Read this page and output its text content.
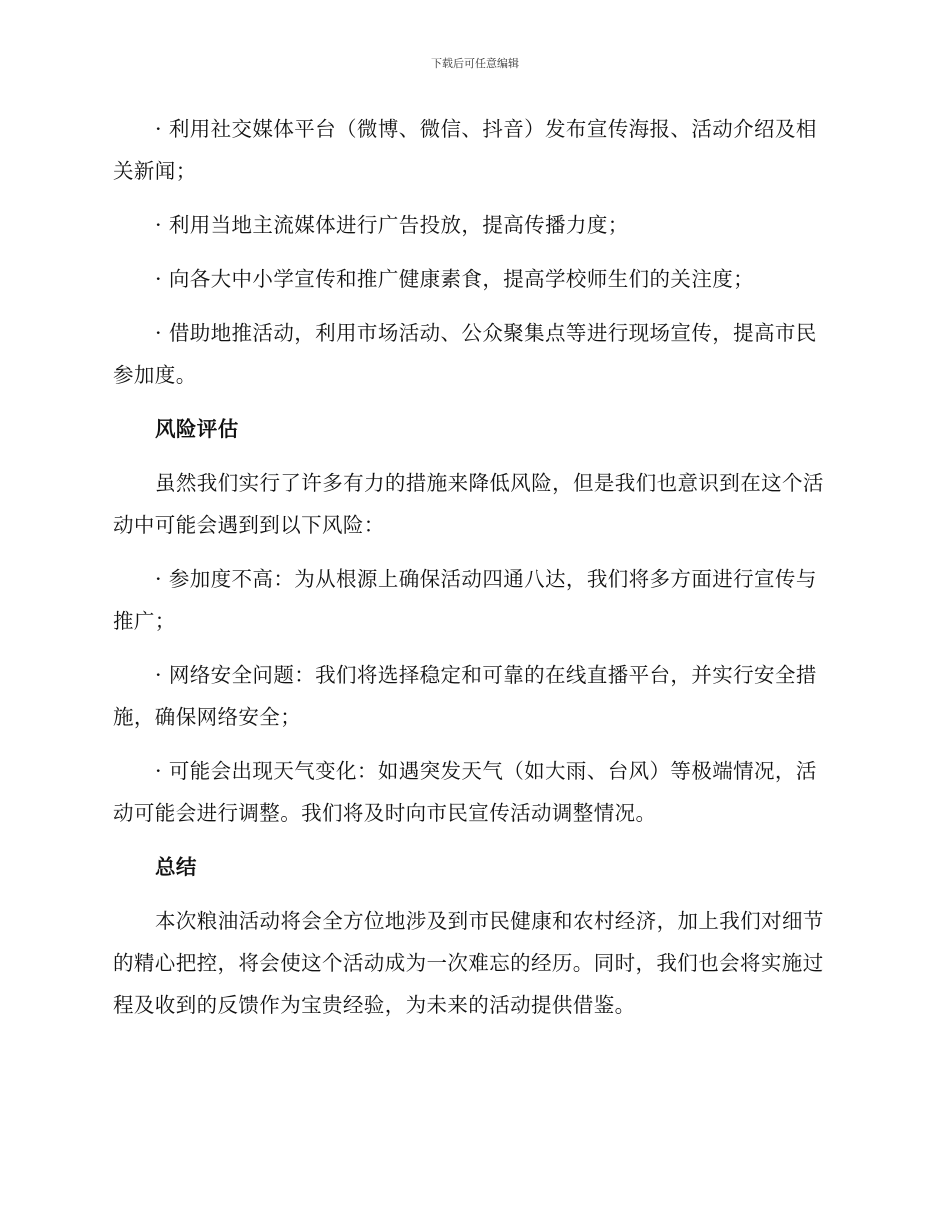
下载后可任意编辑

· 利用社交媒体平台（微博、微信、抖音）发布宣传海报、活动介绍及相关新闻；

· 利用当地主流媒体进行广告投放，提高传播力度；

· 向各大中小学宣传和推广健康素食，提高学校师生们的关注度；

· 借助地推活动，利用市场活动、公众聚集点等进行现场宣传，提高市民参加度。

风险评估

虽然我们实行了许多有力的措施来降低风险，但是我们也意识到在这个活动中可能会遇到到以下风险：

· 参加度不高：为从根源上确保活动四通八达，我们将多方面进行宣传与推广；

· 网络安全问题：我们将选择稳定和可靠的在线直播平台，并实行安全措施，确保网络安全；

· 可能会出现天气变化：如遇突发天气（如大雨、台风）等极端情况，活动可能会进行调整。我们将及时向市民宣传活动调整情况。

总结

本次粮油活动将会全方位地涉及到市民健康和农村经济，加上我们对细节的精心把控，将会使这个活动成为一次难忘的经历。同时，我们也会将实施过程及收到的反馈作为宝贵经验，为未来的活动提供借鉴。
